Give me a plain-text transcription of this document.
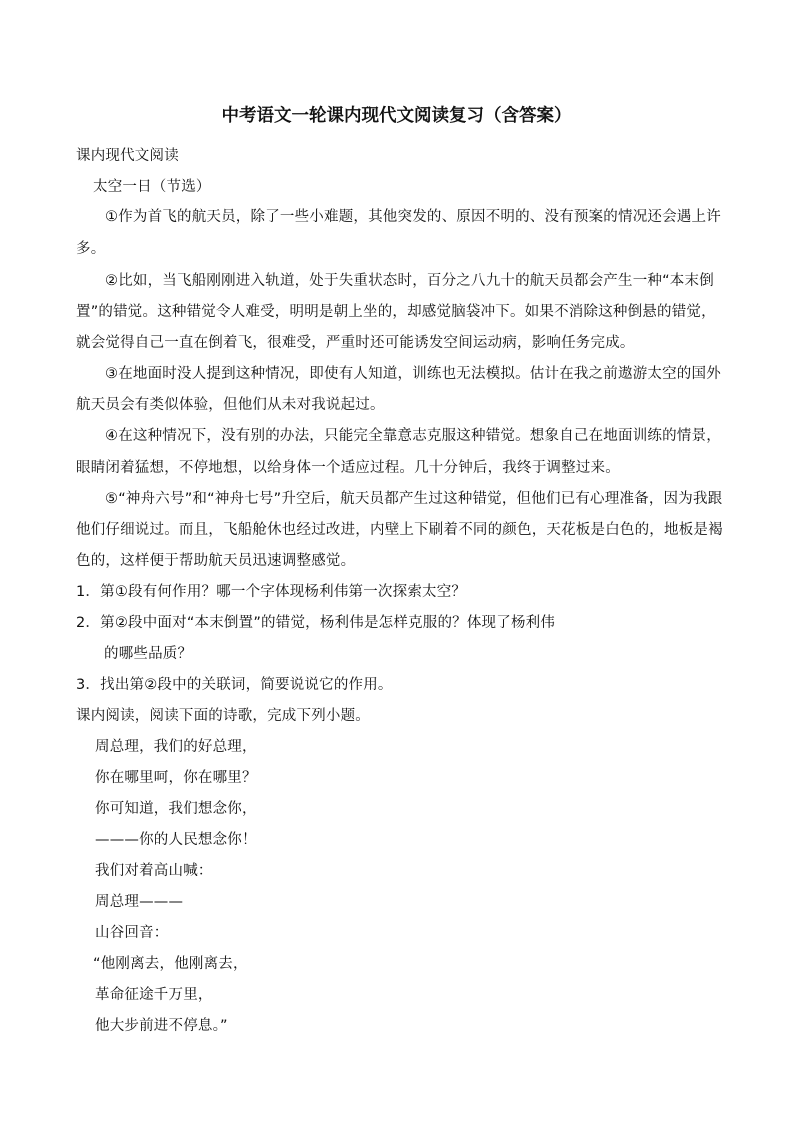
中考语文一轮课内现代文阅读复习（含答案）
课内现代文阅读
太空一日（节选）
①作为首飞的航天员，除了一些小难题，其他突发的、原因不明的、没有预案的情况还会遇上许
多。
②比如，当飞船刚刚进入轨道，处于失重状态时，百分之八九十的航天员都会产生一种“本末倒
置”的错觉。这种错觉令人难受，明明是朝上坐的，却感觉脑袋冲下。如果不消除这种倒悬的错觉，
就会觉得自己一直在倒着飞，很难受，严重时还可能诱发空间运动病，影响任务完成。
③在地面时没人提到这种情况，即使有人知道，训练也无法模拟。估计在我之前遨游太空的国外
航天员会有类似体验，但他们从未对我说起过。
④在这种情况下，没有别的办法，只能完全靠意志克服这种错觉。想象自己在地面训练的情景，
眼睛闭着猛想，不停地想，以给身体一个适应过程。几十分钟后，我终于调整过来。
⑤“神舟六号”和“神舟七号”升空后，航天员都产生过这种错觉，但他们已有心理准备，因为我跟
他们仔细说过。而且，飞船舱休也经过改进，内壁上下刷着不同的颜色，天花板是白色的，地板是褐
色的，这样便于帮助航天员迅速调整感觉。
1．第①段有何作用？哪一个字体现杨利伟第一次探索太空？
2．第②段中面对“本末倒置”的错觉，杨利伟是怎样克服的？体现了杨利伟
的哪些品质？
3．找出第②段中的关联词，简要说说它的作用。
课内阅读，阅读下面的诗歌，完成下列小题。
周总理，我们的好总理，
你在哪里呵，你在哪里？
你可知道，我们想念你，
———你的人民想念你！
我们对着高山喊：
周总理———
山谷回音：
“他刚离去，他刚离去，
革命征途千万里，
他大步前进不停息。”
